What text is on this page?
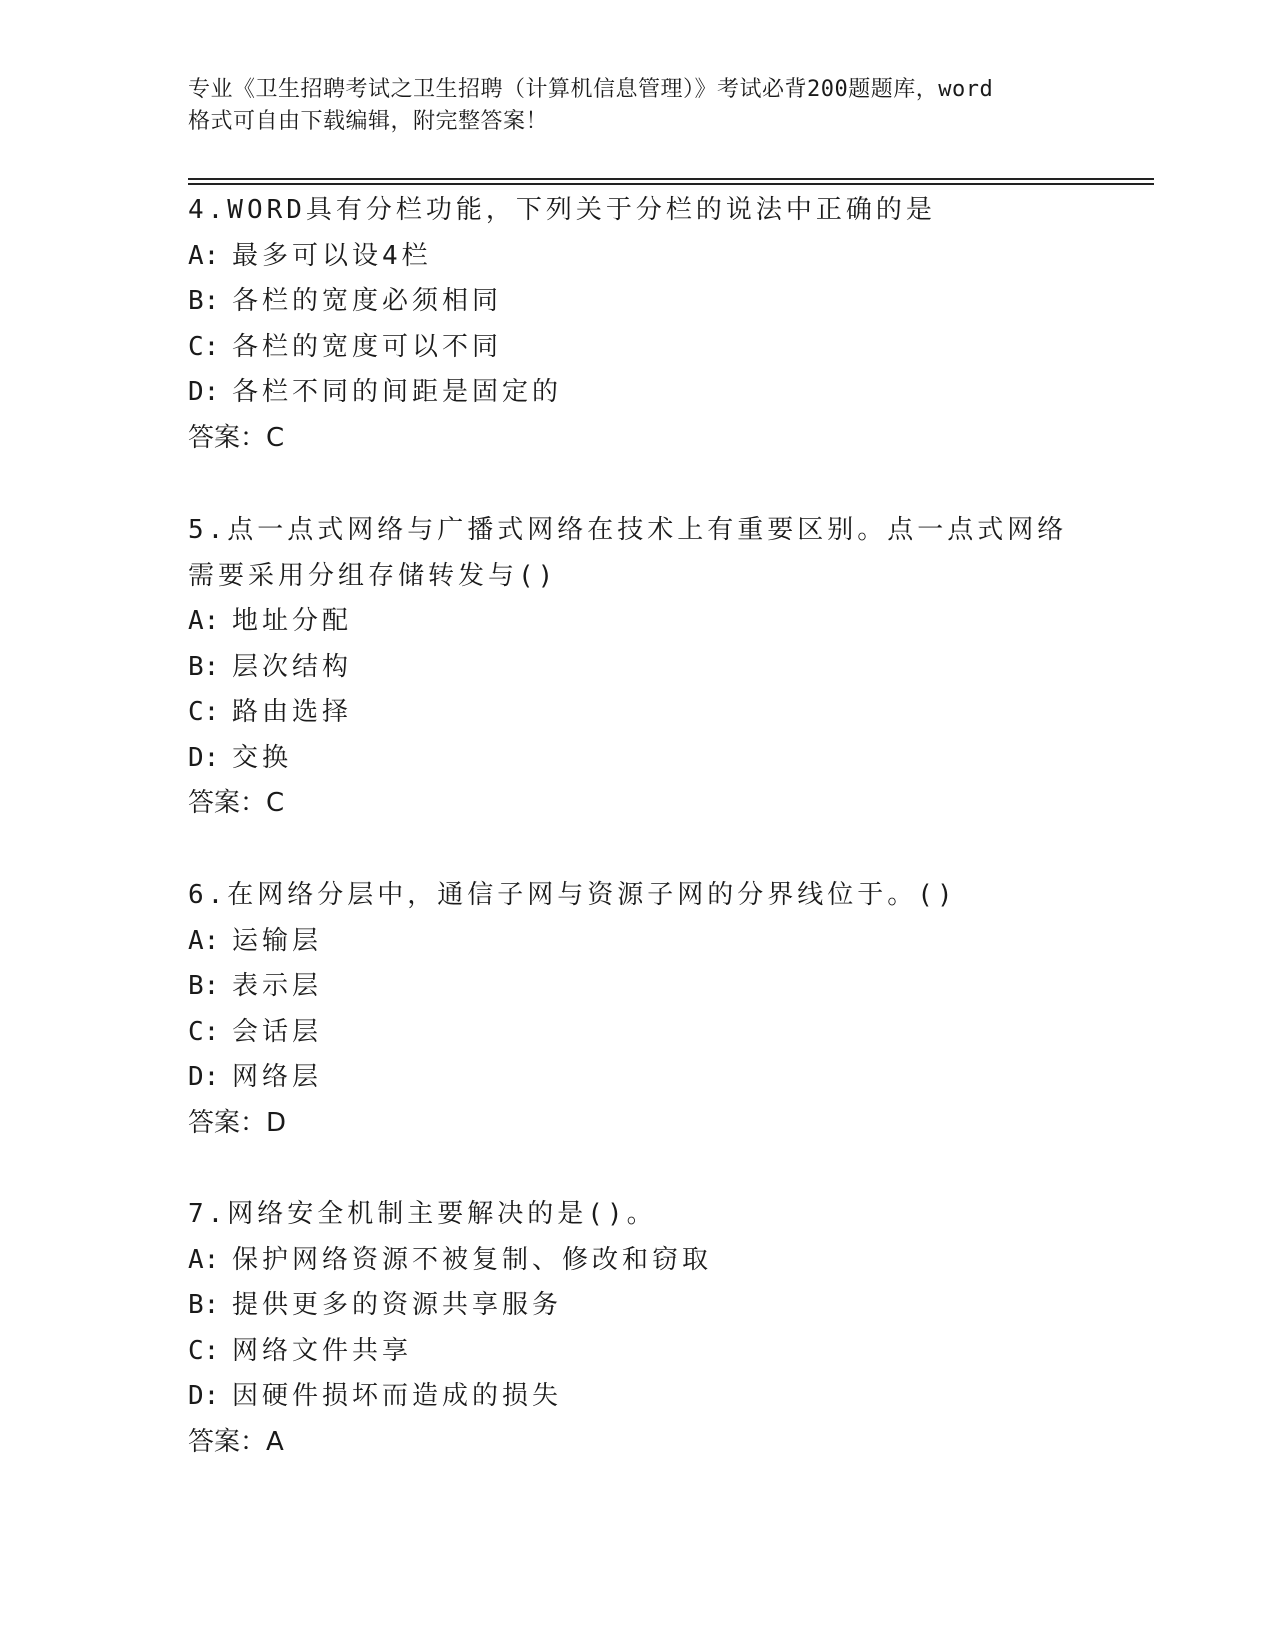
专业《卫生招聘考试之卫生招聘（计算机信息管理）》考试必背200题题库，word
格式可自由下载编辑，附完整答案！
4.WORD具有分栏功能，下列关于分栏的说法中正确的是
A: 最多可以设4栏
B: 各栏的宽度必须相同
C: 各栏的宽度可以不同
D: 各栏不同的间距是固定的
答案：C
5.点一点式网络与广播式网络在技术上有重要区别。点一点式网络需要采用分组存储转发与()
A: 地址分配
B: 层次结构
C: 路由选择
D: 交换
答案：C
6.在网络分层中，通信子网与资源子网的分界线位于。()
A: 运输层
B: 表示层
C: 会话层
D: 网络层
答案：D
7.网络安全机制主要解决的是()。
A: 保护网络资源不被复制、修改和窃取
B: 提供更多的资源共享服务
C: 网络文件共享
D: 因硬件损坏而造成的损失
答案：A
